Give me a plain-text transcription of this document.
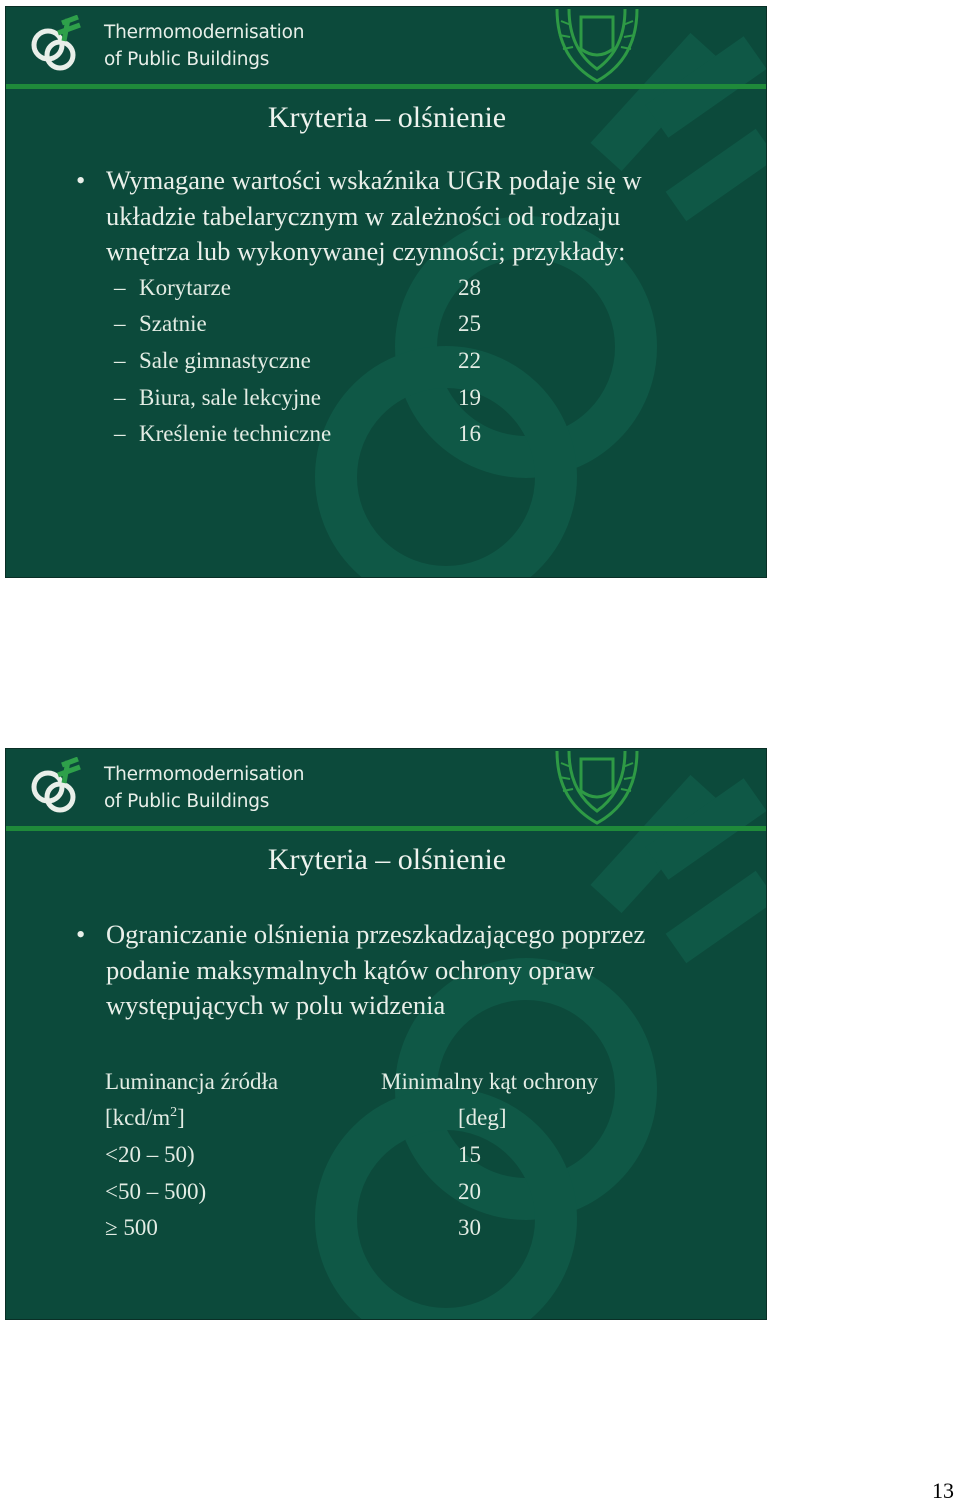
Thermomodernisation
of Public Buildings
Kryteria – olśnienie
• Wymagane wartości wskaźnika UGR podaje się w
układzie tabelarycznym w zależności od rodzaju
wnętrza lub wykonywanej czynności; przykłady:
– Korytarze	28
– Szatnie	25
– Sale gimnastyczne	22
– Biura, sale lekcyjne	19
– Kreślenie techniczne	16
Thermomodernisation
of Public Buildings
Kryteria – olśnienie
• Ograniczanie olśnienia przeszkadzającego poprzez
podanie maksymalnych kątów ochrony opraw
występujących w polu widzenia
Luminancja źródła	Minimalny kąt ochrony
$[kcd/m^2]$	[deg]
<20 – 50)	15
<50 – 500)	20
≥ 500	30
13
